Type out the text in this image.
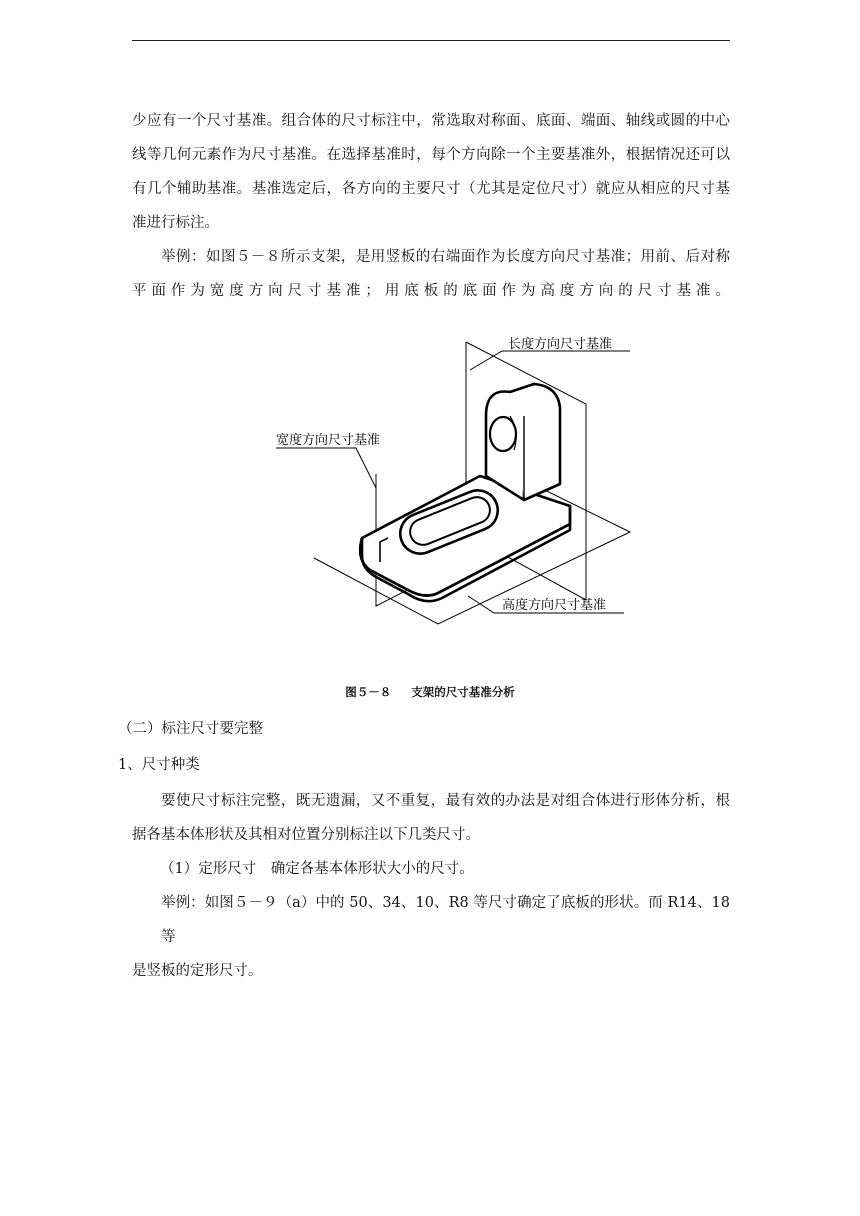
少应有一个尺寸基准。组合体的尺寸标注中，常选取对称面、底面、端面、轴线或圆的中心
线等几何元素作为尺寸基准。在选择基准时，每个方向除一个主要基准外，根据情况还可以
有几个辅助基准。基准选定后，各方向的主要尺寸（尤其是定位尺寸）就应从相应的尺寸基
准进行标注。
举例：如图５－８所示支架，是用竖板的右端面作为长度方向尺寸基准；用前、后对称
平面作为宽度方向尺寸基准；用底板的底面作为高度方向的尺寸基准。
长度方向尺寸基准
宽度方向尺寸基准
高度方向尺寸基准
图５－８ 支架的尺寸基准分析

（二）标注尺寸要完整

1、尺寸种类

要使尺寸标注完整，既无遗漏，又不重复，最有效的办法是对组合体进行形体分析，根
据各基本体形状及其相对位置分别标注以下几类尺寸。

（1）定形尺寸　确定各基本体形状大小的尺寸。

举例：如图５－９（a）中的 50、34、10、R8 等尺寸确定了底板的形状。而 R14、18 等
是竖板的定形尺寸。
